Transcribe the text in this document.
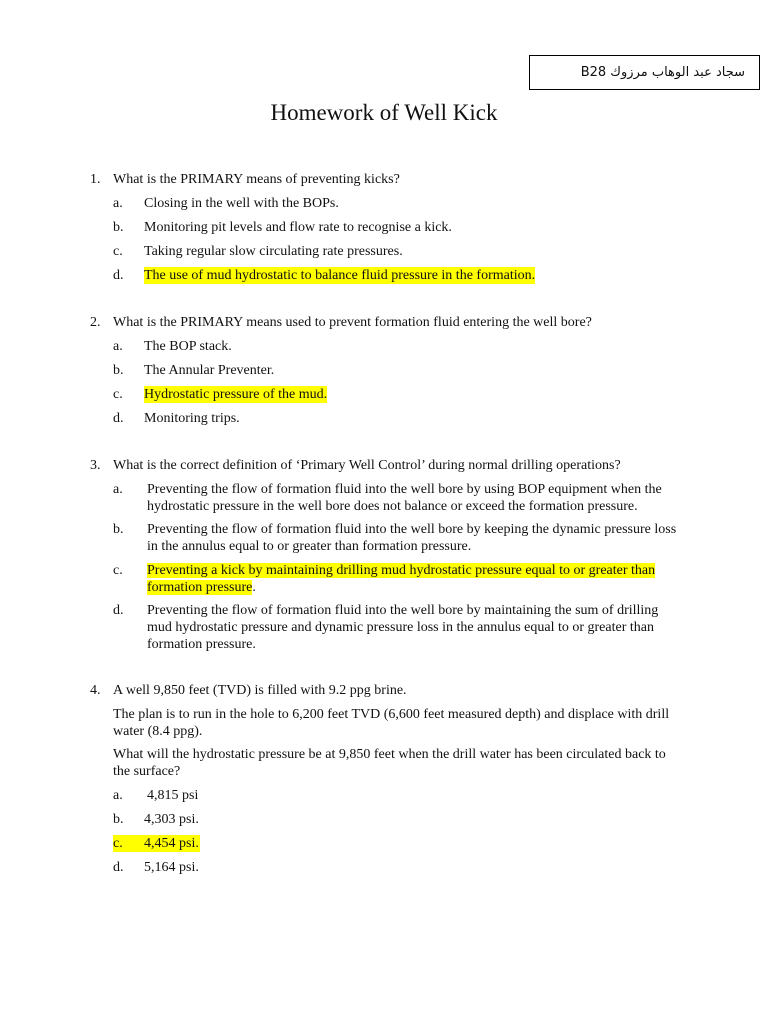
سجاد عبد الوهاب مرزوك B28
Homework of Well Kick
1. What is the PRIMARY means of preventing kicks?
a. Closing in the well with the BOPs.
b. Monitoring pit levels and flow rate to recognise a kick.
c. Taking regular slow circulating rate pressures.
d. The use of mud hydrostatic to balance fluid pressure in the formation.
2. What is the PRIMARY means used to prevent formation fluid entering the well bore?
a. The BOP stack.
b. The Annular Preventer.
c. Hydrostatic pressure of the mud.
d. Monitoring trips.
3. What is the correct definition of ‘Primary Well Control’ during normal drilling operations?
a. Preventing the flow of formation fluid into the well bore by using BOP equipment when the
hydrostatic pressure in the well bore does not balance or exceed the formation pressure.
b. Preventing the flow of formation fluid into the well bore by keeping the dynamic pressure loss
in the annulus equal to or greater than formation pressure.
c. Preventing a kick by maintaining drilling mud hydrostatic pressure equal to or greater than
formation pressure.
d. Preventing the flow of formation fluid into the well bore by maintaining the sum of drilling
mud hydrostatic pressure and dynamic pressure loss in the annulus equal to or greater than
formation pressure.
4. A well 9,850 feet (TVD) is filled with 9.2 ppg brine.
The plan is to run in the hole to 6,200 feet TVD (6,600 feet measured depth) and displace with drill
water (8.4 ppg).
What will the hydrostatic pressure be at 9,850 feet when the drill water has been circulated back to
the surface?
a. 4,815 psi
b. 4,303 psi.
c. 4,454 psi.
d. 5,164 psi.
